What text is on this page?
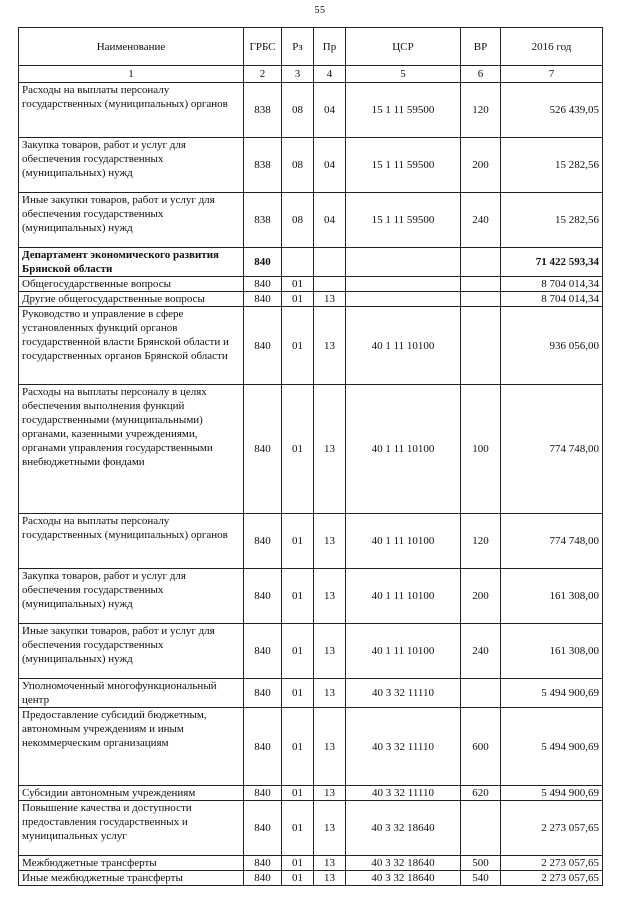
55
Наименование	ГРБС	Рз	Пр	ЦСР	ВР	2016 год
1	2	3	4	5	6	7
Расходы на выплаты персоналу государственных (муниципальных) органов	838	08	04	15 1 11 59500	120	526 439,05
Закупка товаров, работ и услуг для обеспечения государственных (муниципальных) нужд	838	08	04	15 1 11 59500	200	15 282,56
Иные закупки товаров, работ и услуг для обеспечения государственных (муниципальных) нужд	838	08	04	15 1 11 59500	240	15 282,56
Департамент экономического развития Брянской области	840					71 422 593,34
Общегосударственные вопросы	840	01				8 704 014,34
Другие общегосударственные вопросы	840	01	13			8 704 014,34
Руководство и управление в сфере установленных функций органов государственной власти Брянской области и государственных органов Брянской области	840	01	13	40 1 11 10100		936 056,00
Расходы на выплаты персоналу в целях обеспечения выполнения функций государственными (муниципальными) органами, казенными учреждениями, органами управления государственными внебюджетными фондами	840	01	13	40 1 11 10100	100	774 748,00
Расходы на выплаты персоналу государственных (муниципальных) органов	840	01	13	40 1 11 10100	120	774 748,00
Закупка товаров, работ и услуг для обеспечения государственных (муниципальных) нужд	840	01	13	40 1 11 10100	200	161 308,00
Иные закупки товаров, работ и услуг для обеспечения государственных (муниципальных) нужд	840	01	13	40 1 11 10100	240	161 308,00
Уполномоченный многофункциональный центр	840	01	13	40 3 32 11110		5 494 900,69
Предоставление субсидий бюджетным, автономным учреждениям и иным некоммерческим организациям	840	01	13	40 3 32 11110	600	5 494 900,69
Субсидии автономным учреждениям	840	01	13	40 3 32 11110	620	5 494 900,69
Повышение качества и доступности предоставления государственных и муниципальных услуг	840	01	13	40 3 32 18640		2 273 057,65
Межбюджетные трансферты	840	01	13	40 3 32 18640	500	2 273 057,65
Иные межбюджетные трансферты	840	01	13	40 3 32 18640	540	2 273 057,65
